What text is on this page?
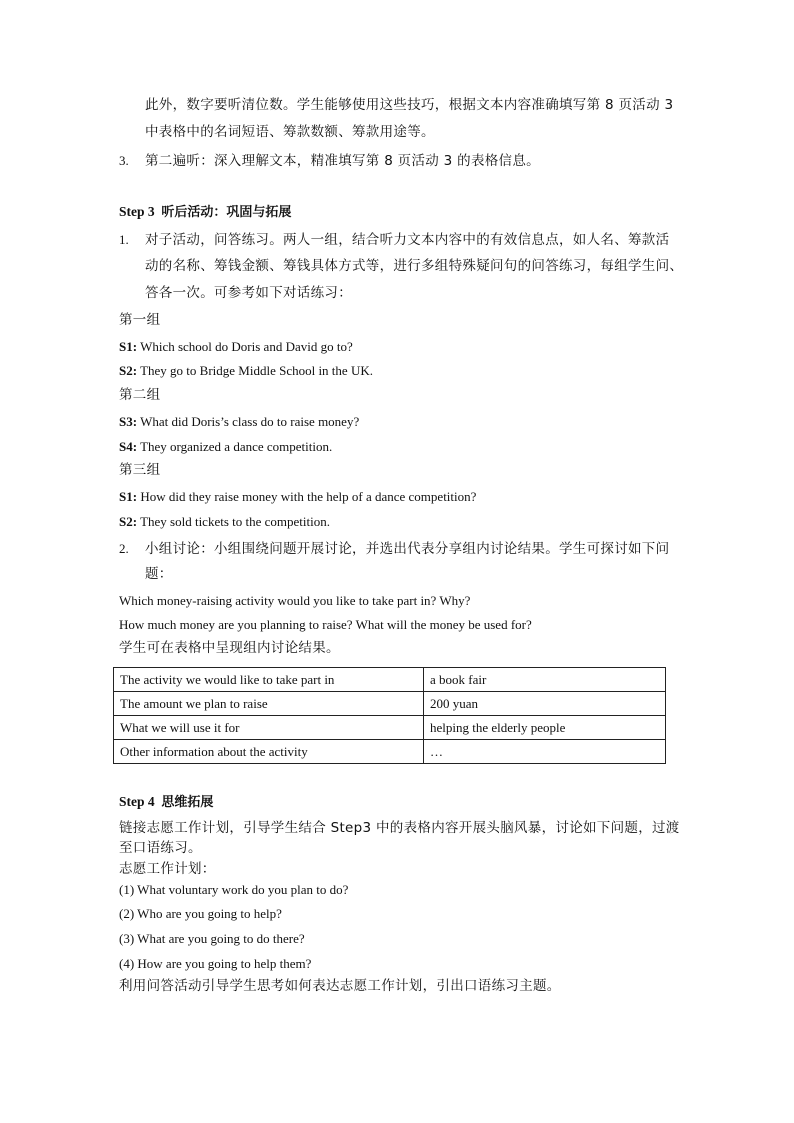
此外，数字要听清位数。学生能够使用这些技巧，根据文本内容准确填写第 8 页活动 3
中表格中的名词短语、筹款数额、筹款用途等。
3. 第二遍听：深入理解文本，精准填写第 8 页活动 3 的表格信息。
Step 3 听后活动：巩固与拓展
1. 对子活动，问答练习。两人一组，结合听力文本内容中的有效信息点，如人名、筹款活
动的名称、筹钱金额、筹钱具体方式等，进行多组特殊疑问句的问答练习，每组学生问、
答各一次。可参考如下对话练习：
第一组
S1: Which school do Doris and David go to?
S2: They go to Bridge Middle School in the UK.
第二组
S3: What did Doris’s class do to raise money?
S4: They organized a dance competition.
第三组
S1: How did they raise money with the help of a dance competition?
S2: They sold tickets to the competition.
2. 小组讨论：小组围绕问题开展讨论，并选出代表分享组内讨论结果。学生可探讨如下问
题：
Which money-raising activity would you like to take part in? Why?
How much money are you planning to raise? What will the money be used for?
学生可在表格中呈现组内讨论结果。
The activity we would like to take part in	a book fair
The amount we plan to raise	200 yuan
What we will use it for	helping the elderly people
Other information about the activity	…
Step 4 思维拓展
链接志愿工作计划，引导学生结合 Step3 中的表格内容开展头脑风暴，讨论如下问题，过渡
至口语练习。
志愿工作计划：
(1) What voluntary work do you plan to do?
(2) Who are you going to help?
(3) What are you going to do there?
(4) How are you going to help them?
利用问答活动引导学生思考如何表达志愿工作计划，引出口语练习主题。
